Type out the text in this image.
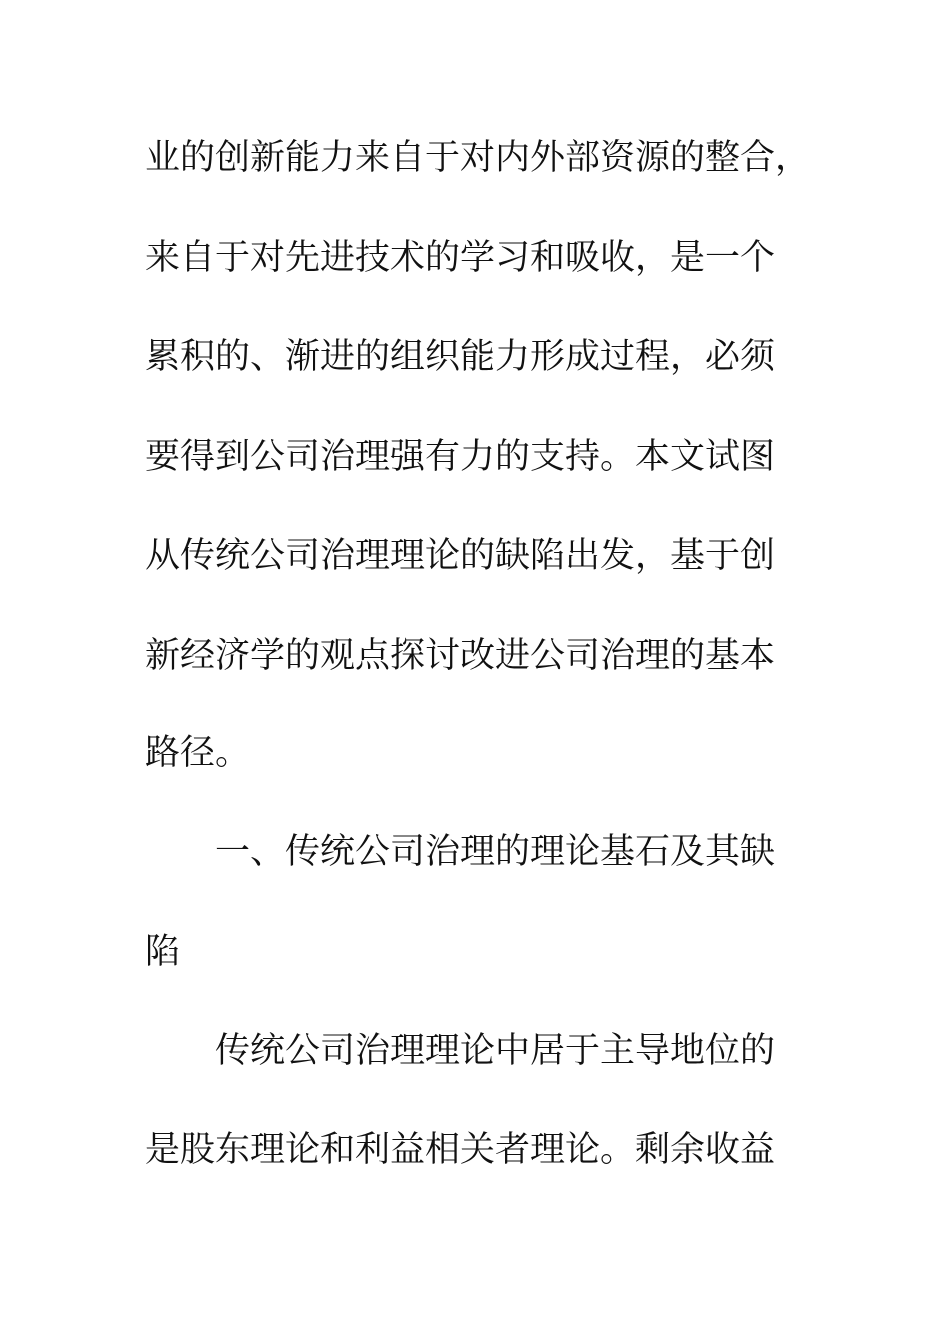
业的创新能力来自于对内外部资源的整合，
来自于对先进技术的学习和吸收，是一个
累积的、渐进的组织能力形成过程，必须
要得到公司治理强有力的支持。本文试图
从传统公司治理理论的缺陷出发，基于创
新经济学的观点探讨改进公司治理的基本
路径。
一、传统公司治理的理论基石及其缺
陷
传统公司治理理论中居于主导地位的
是股东理论和利益相关者理论。剩余收益
